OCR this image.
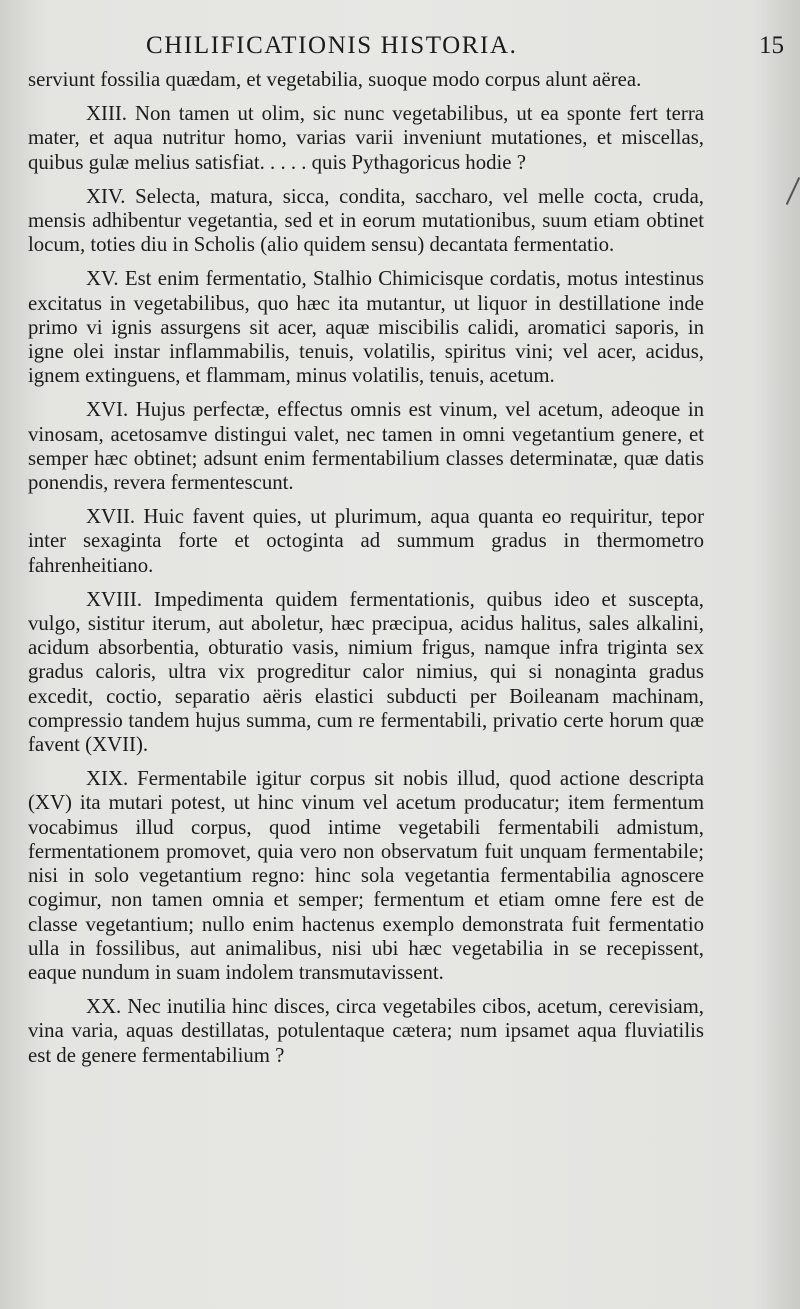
CHILIFICATIONIS HISTORIA.	15

serviunt fossilia quædam, et vegetabilia, suoque modo corpus alunt aërea.

XIII. Non tamen ut olim, sic nunc vegetabilibus, ut ea sponte fert terra mater, et aqua nutritur homo, varias varii inveniunt mutationes, et miscellas, quibus gulæ melius satisfiat. . . . . quis Pythagoricus hodie ?

XIV. Selecta, matura, sicca, condita, saccharo, vel melle cocta, cruda, mensis adhibentur vegetantia, sed et in eorum mutationibus, suum etiam obtinet locum, toties diu in Scholis (alio quidem sensu) decantata fermentatio.

XV. Est enim fermentatio, Stalhio Chimicisque cordatis, motus intestinus excitatus in vegetabilibus, quo hæc ita mutantur, ut liquor in destillatione inde primo vi ignis assurgens sit acer, aquæ miscibilis calidi, aromatici saporis, in igne olei instar inflammabilis, tenuis, volatilis, spiritus vini; vel acer, acidus, ignem extinguens, et flammam, minus volatilis, tenuis, acetum.

XVI. Hujus perfectæ, effectus omnis est vinum, vel acetum, adeoque in vinosam, acetosamve distingui valet, nec tamen in omni vegetantium genere, et semper hæc obtinet; adsunt enim fermentabilium classes determinatæ, quæ datis ponendis, revera fermentescunt.

XVII. Huic favent quies, ut plurimum, aqua quanta eo requiritur, tepor inter sexaginta forte et octoginta ad summum gradus in thermometro fahrenheitiano.

XVIII. Impedimenta quidem fermentationis, quibus ideo et suscepta, vulgo, sistitur iterum, aut aboletur, hæc præcipua, acidus halitus, sales alkalini, acidum absorbentia, obturatio vasis, nimium frigus, namque infra triginta sex gradus caloris, ultra vix progreditur calor nimius, qui si nonaginta gradus excedit, coctio, separatio aëris elastici subducti per Boileanam machinam, compressio tandem hujus summa, cum re fermentabili, privatio certe horum quæ favent (XVII).

XIX. Fermentabile igitur corpus sit nobis illud, quod actione descripta (XV) ita mutari potest, ut hinc vinum vel acetum producatur; item fermentum vocabimus illud corpus, quod intime vegetabili fermentabili admistum, fermentationem promovet, quia vero non observatum fuit unquam fermentabile; nisi in solo vegetantium regno: hinc sola vegetantia fermentabilia agnoscere cogimur, non tamen omnia et semper; fermentum et etiam omne fere est de classe vegetantium; nullo enim hactenus exemplo demonstrata fuit fermentatio ulla in fossilibus, aut animalibus, nisi ubi hæc vegetabilia in se recepissent, eaque nundum in suam indolem transmutavissent.

XX. Nec inutilia hinc disces, circa vegetabiles cibos, acetum, cerevisiam, vina varia, aquas destillatas, potulentaque cætera; num ipsamet aqua fluviatilis est de genere fermentabilium ?
